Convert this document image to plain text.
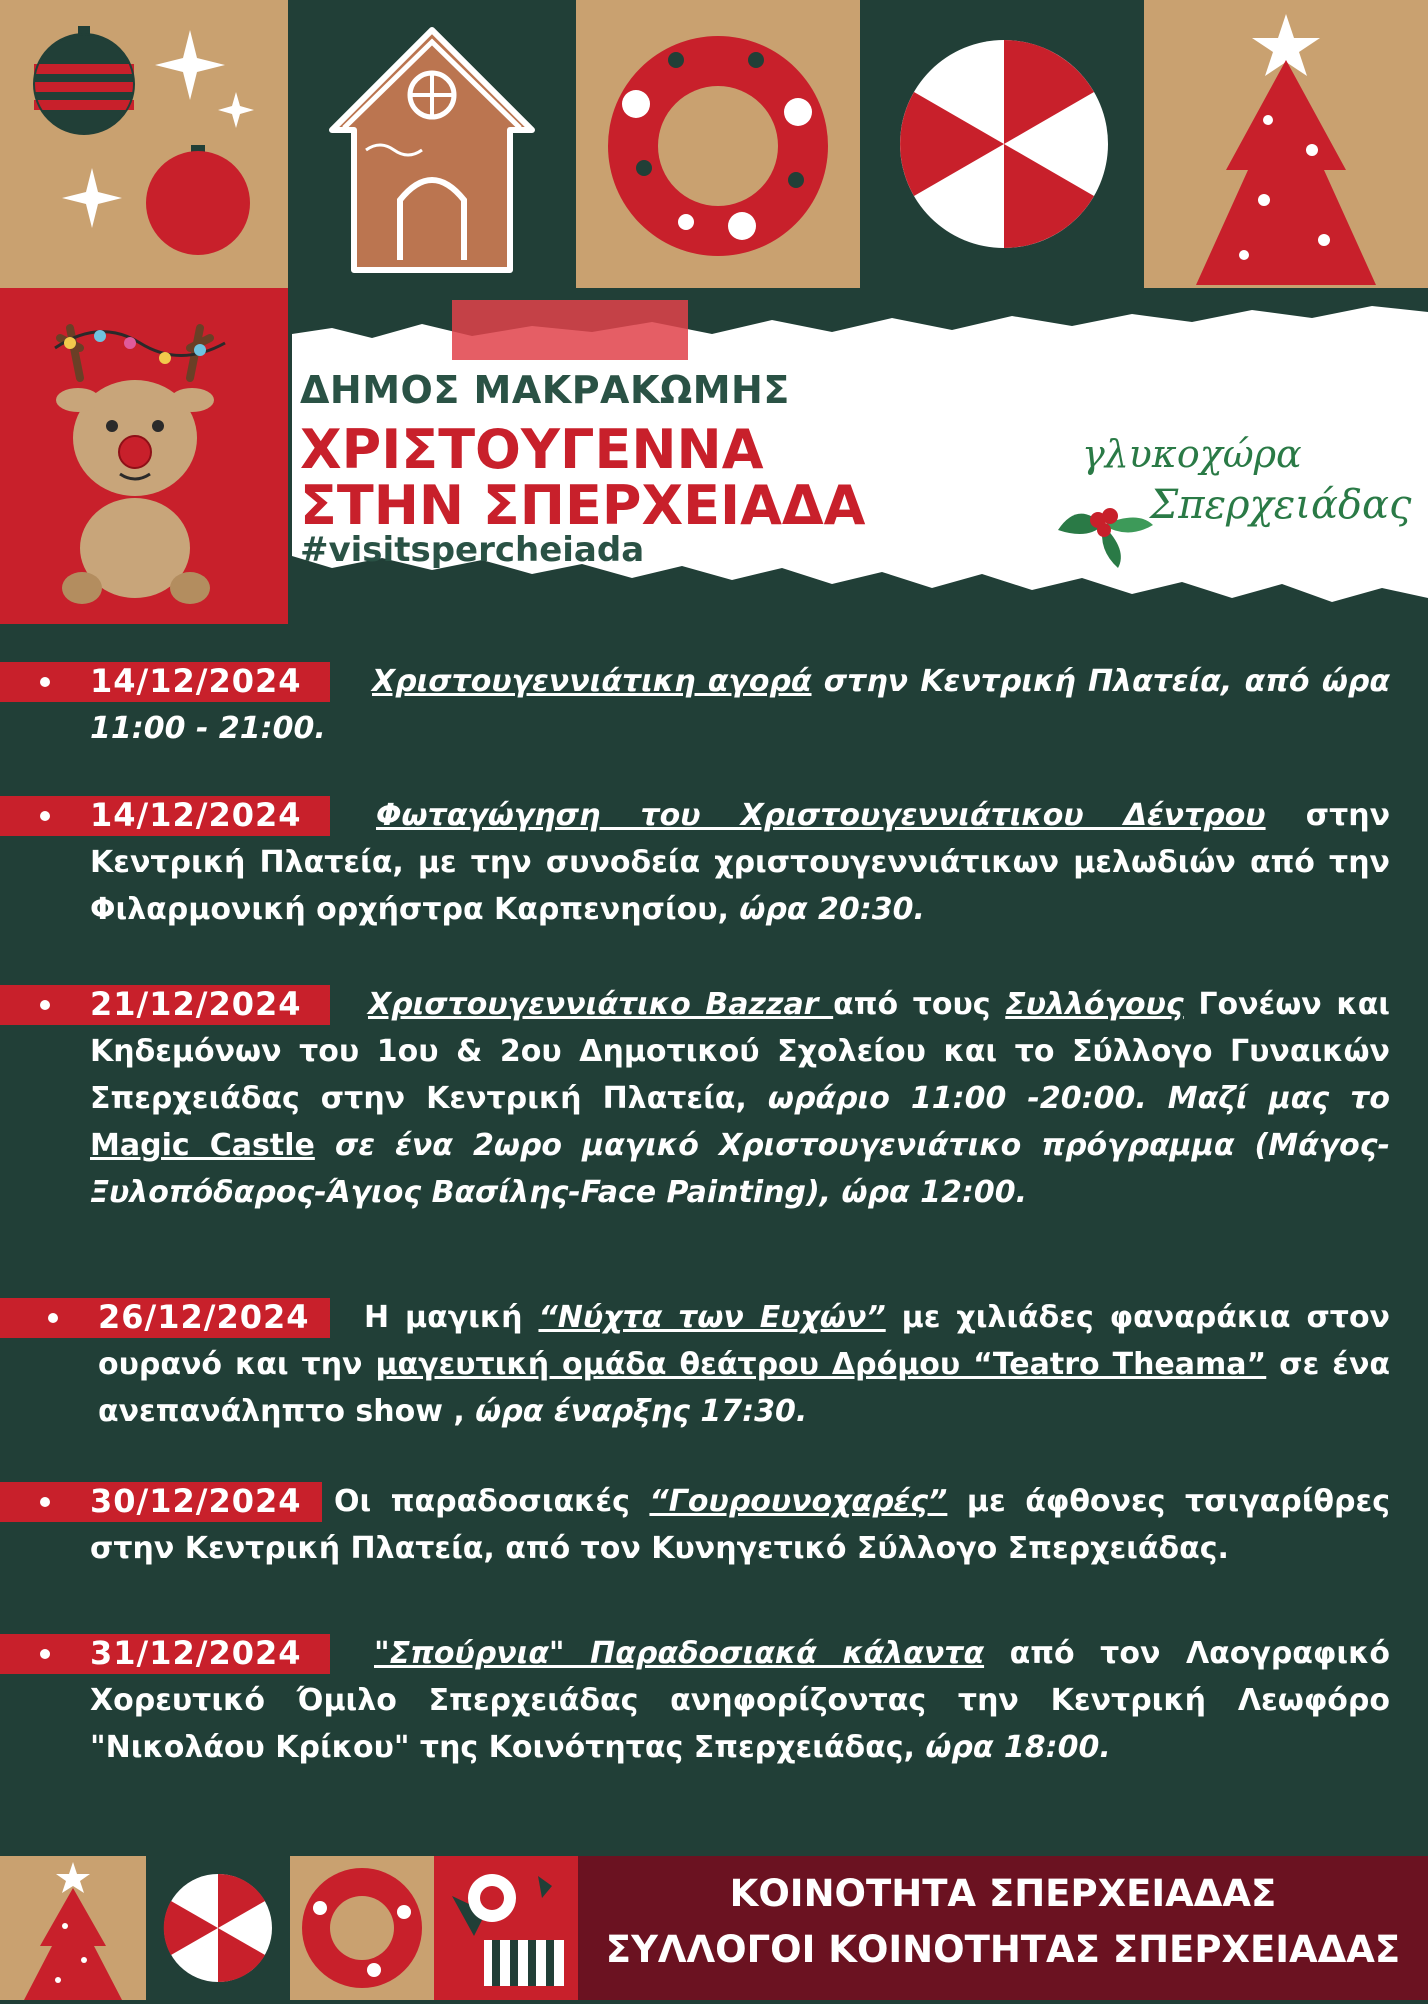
ΔΗΜΟΣ ΜΑΚΡΑΚΩΜΗΣ
ΧΡΙΣΤΟΥΓΕΝΝΑ
ΣΤΗΝ ΣΠΕΡΧΕΙΑΔΑ
#visitspercheiada
γλυκοχώρα
Σπερχειάδας
14/12/2024	Χριστουγεννιάτικη αγορά στην Κεντρική Πλατεία, από ώρα 11:00 - 21:00.
14/12/2024	Φωταγώγηση του Χριστουγεννιάτικου Δέντρου στην Κεντρική Πλατεία, με την συνοδεία χριστουγεννιάτικων μελωδιών από την Φιλαρμονική ορχήστρα Καρπενησίου, ώρα 20:30.
21/12/2024	Χριστουγεννιάτικο Bazzar από τους Συλλόγους Γονέων και Κηδεμόνων του 1ου & 2ου Δημοτικού Σχολείου και το Σύλλογο Γυναικών Σπερχειάδας στην Κεντρική Πλατεία, ωράριο 11:00 -20:00. Μαζί μας το Magic Castle σε ένα 2ωρο μαγικό Χριστουγενιάτικο πρόγραμμα (Μάγος-Ξυλοπόδαρος-Άγιος Βασίλης-Face Painting), ώρα 12:00.
26/12/2024	Η μαγική “Νύχτα των Ευχών” με χιλιάδες φαναράκια στον ουρανό και την μαγευτική ομάδα θεάτρου Δρόμου “Teatro Theama” σε ένα ανεπανάληπτο show , ώρα έναρξης 17:30.
30/12/2024	Οι παραδοσιακές “Γουρουνοχαρές” με άφθονες τσιγαρίθρες στην Κεντρική Πλατεία, από τον Κυνηγετικό Σύλλογο Σπερχειάδας.
31/12/2024	"Σπούρνια" Παραδοσιακά κάλαντα από τον Λαογραφικό Χορευτικό Όμιλο Σπερχειάδας ανηφορίζοντας την Κεντρική Λεωφόρο "Νικολάου Κρίκου" της Κοινότητας Σπερχειάδας, ώρα 18:00.
ΚΟΙΝΟΤΗΤΑ ΣΠΕΡΧΕΙΑΔΑΣ
ΣΥΛΛΟΓΟΙ ΚΟΙΝΟΤΗΤΑΣ ΣΠΕΡΧΕΙΑΔΑΣ
